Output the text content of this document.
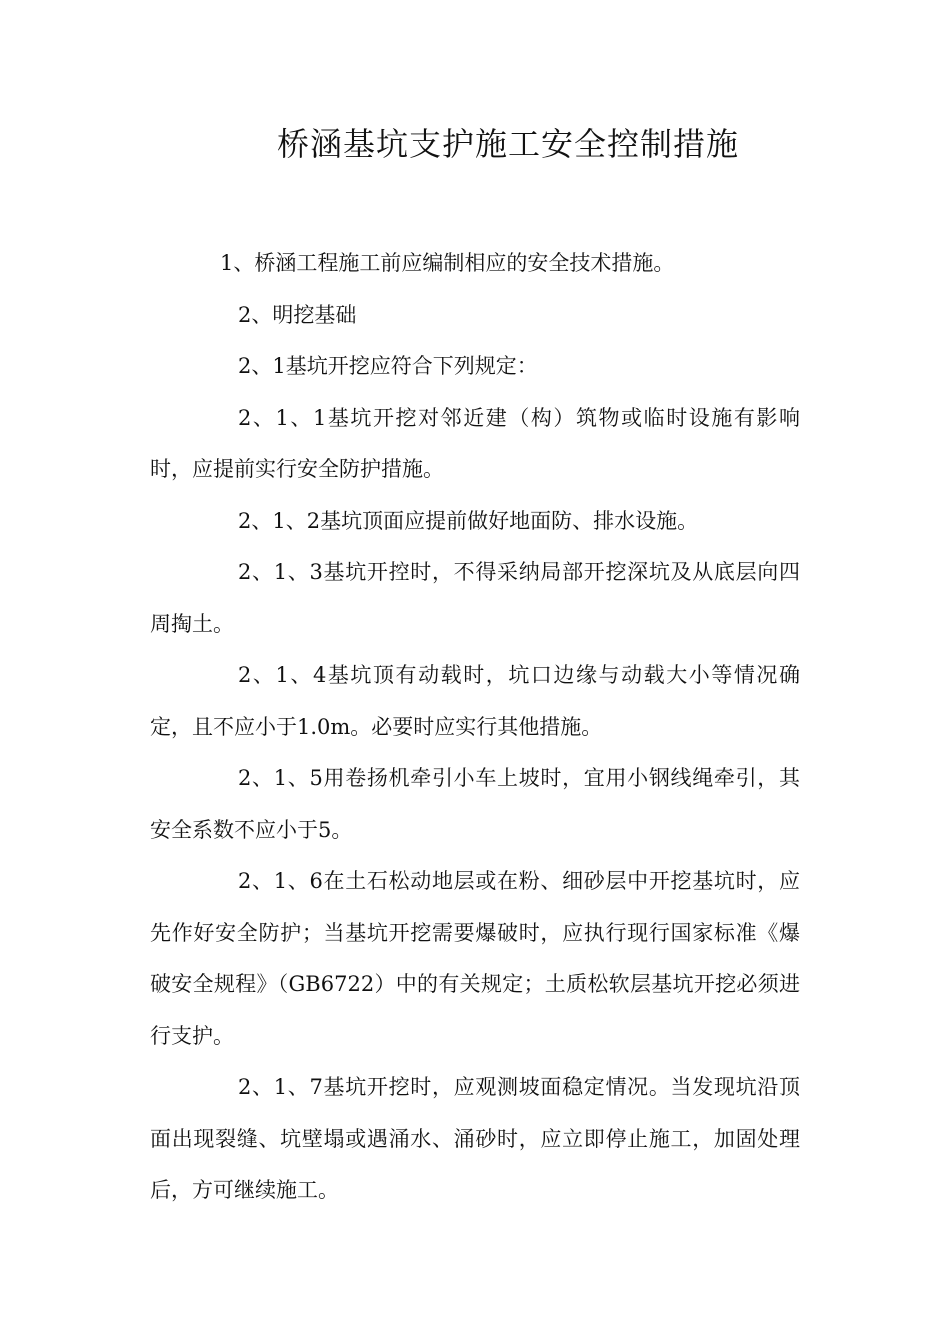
桥涵基坑支护施工安全控制措施

1、桥涵工程施工前应编制相应的安全技术措施。

2、明挖基础

2、1基坑开挖应符合下列规定：

2、1、1基坑开挖对邻近建（构）筑物或临时设施有影响时，应提前实行安全防护措施。

2、1、2基坑顶面应提前做好地面防、排水设施。

2、1、3基坑开控时，不得采纳局部开挖深坑及从底层向四周掏土。

2、1、4基坑顶有动载时，坑口边缘与动载大小等情况确定，且不应小于1.0m。必要时应实行其他措施。

2、1、5用卷扬机牵引小车上坡时，宜用小钢线绳牵引，其安全系数不应小于5。

2、1、6在土石松动地层或在粉、细砂层中开挖基坑时，应先作好安全防护；当基坑开挖需要爆破时，应执行现行国家标准《爆破安全规程》（GB6722）中的有关规定；土质松软层基坑开挖必须进行支护。

2、1、7基坑开挖时，应观测坡面稳定情况。当发现坑沿顶面出现裂缝、坑壁塌或遇涌水、涌砂时，应立即停止施工，加固处理后，方可继续施工。
